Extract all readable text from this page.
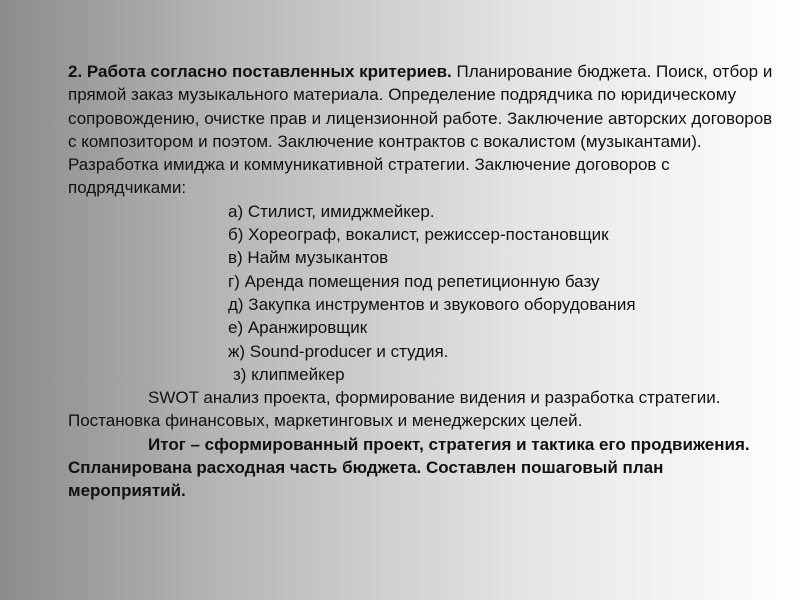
2. Работа согласно поставленных критериев. Планирование бюджета. Поиск, отбор и прямой заказ музыкального материала. Определение подрядчика по юридическому сопровождению, очистке прав и лицензионной работе. Заключение авторских договоров с композитором и поэтом. Заключение контрактов с вокалистом (музыкантами). Разработка имиджа и коммуникативной стратегии. Заключение договоров с подрядчиками:

а) Стилист, имиджмейкер.
б) Хореограф, вокалист, режиссер-постановщик
в) Найм музыкантов
г) Аренда помещения под репетиционную базу
д) Закупка инструментов и звукового оборудования
е) Аранжировщик
ж) Sound-producer и студия.
з) клипмейкер

SWOT анализ проекта, формирование видения и разработка стратегии. Постановка финансовых, маркетинговых и менеджерских целей.

Итог – сформированный проект, стратегия и тактика его продвижения. Спланирована расходная часть бюджета. Составлен пошаговый план мероприятий.
